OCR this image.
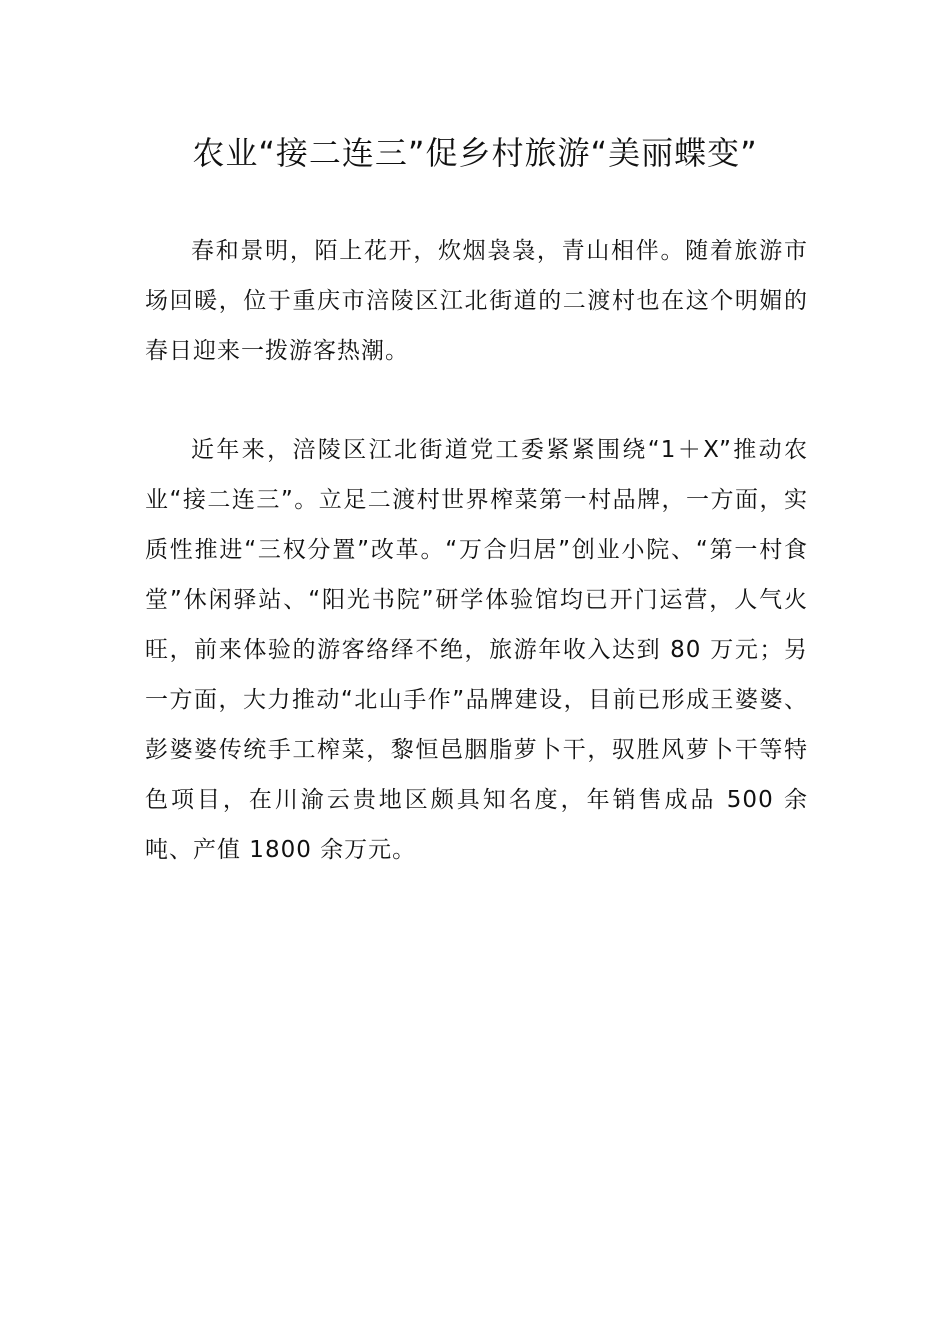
农业“接二连三”促乡村旅游“美丽蝶变”

春和景明，陌上花开，炊烟袅袅，青山相伴。随着旅游市场回暖，位于重庆市涪陵区江北街道的二渡村也在这个明媚的春日迎来一拨游客热潮。

近年来，涪陵区江北街道党工委紧紧围绕“1＋X”推动农业“接二连三”。立足二渡村世界榨菜第一村品牌，一方面，实质性推进“三权分置”改革。“万合归居”创业小院、“第一村食堂”休闲驿站、“阳光书院”研学体验馆均已开门运营，人气火旺，前来体验的游客络绎不绝，旅游年收入达到 80 万元；另一方面，大力推动“北山手作”品牌建设，目前已形成王婆婆、彭婆婆传统手工榨菜，黎恒邑胭脂萝卜干，驭胜风萝卜干等特色项目，在川渝云贵地区颇具知名度，年销售成品 500 余吨、产值 1800 余万元。
